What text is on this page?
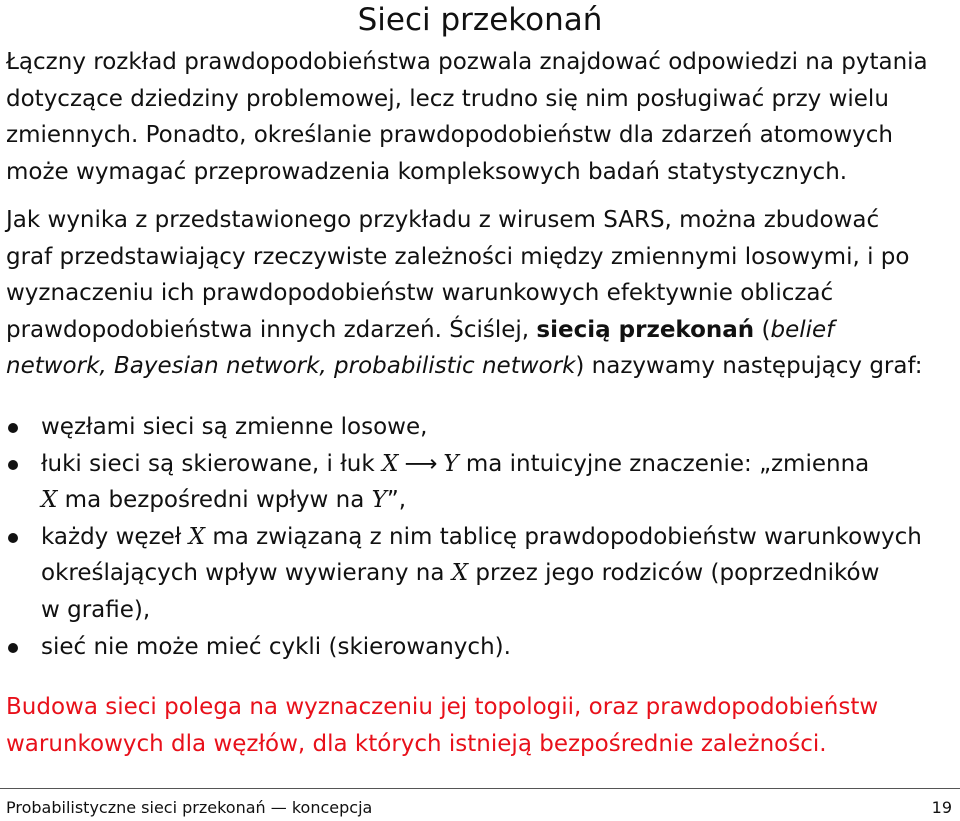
Sieci przekonań
Łączny rozkład prawdopodobieństwa pozwala znajdować odpowiedzi na pytania
dotyczące dziedziny problemowej, lecz trudno się nim posługiwać przy wielu
zmiennych. Ponadto, określanie prawdopodobieństw dla zdarzeń atomowych
może wymagać przeprowadzenia kompleksowych badań statystycznych.
Jak wynika z przedstawionego przykładu z wirusem SARS, można zbudować
graf przedstawiający rzeczywiste zależności między zmiennymi losowymi, i po
wyznaczeniu ich prawdopodobieństw warunkowych efektywnie obliczać
prawdopodobieństwa innych zdarzeń. Ściślej, siecią przekonań (belief
network, Bayesian network, probabilistic network) nazywamy następujący graf:
węzłami sieci są zmienne losowe,
łuki sieci są skierowane, i łuk X ⟶ Y ma intuicyjne znaczenie: „zmienna
X ma bezpośredni wpływ na Y”,
każdy węzeł X ma związaną z nim tablicę prawdopodobieństw warunkowych
określających wpływ wywierany na X przez jego rodziców (poprzedników
w grafie),
sieć nie może mieć cykli (skierowanych).
Budowa sieci polega na wyznaczeniu jej topologii, oraz prawdopodobieństw
warunkowych dla węzłów, dla których istnieją bezpośrednie zależności.
Probabilistyczne sieci przekonań — koncepcja	19
